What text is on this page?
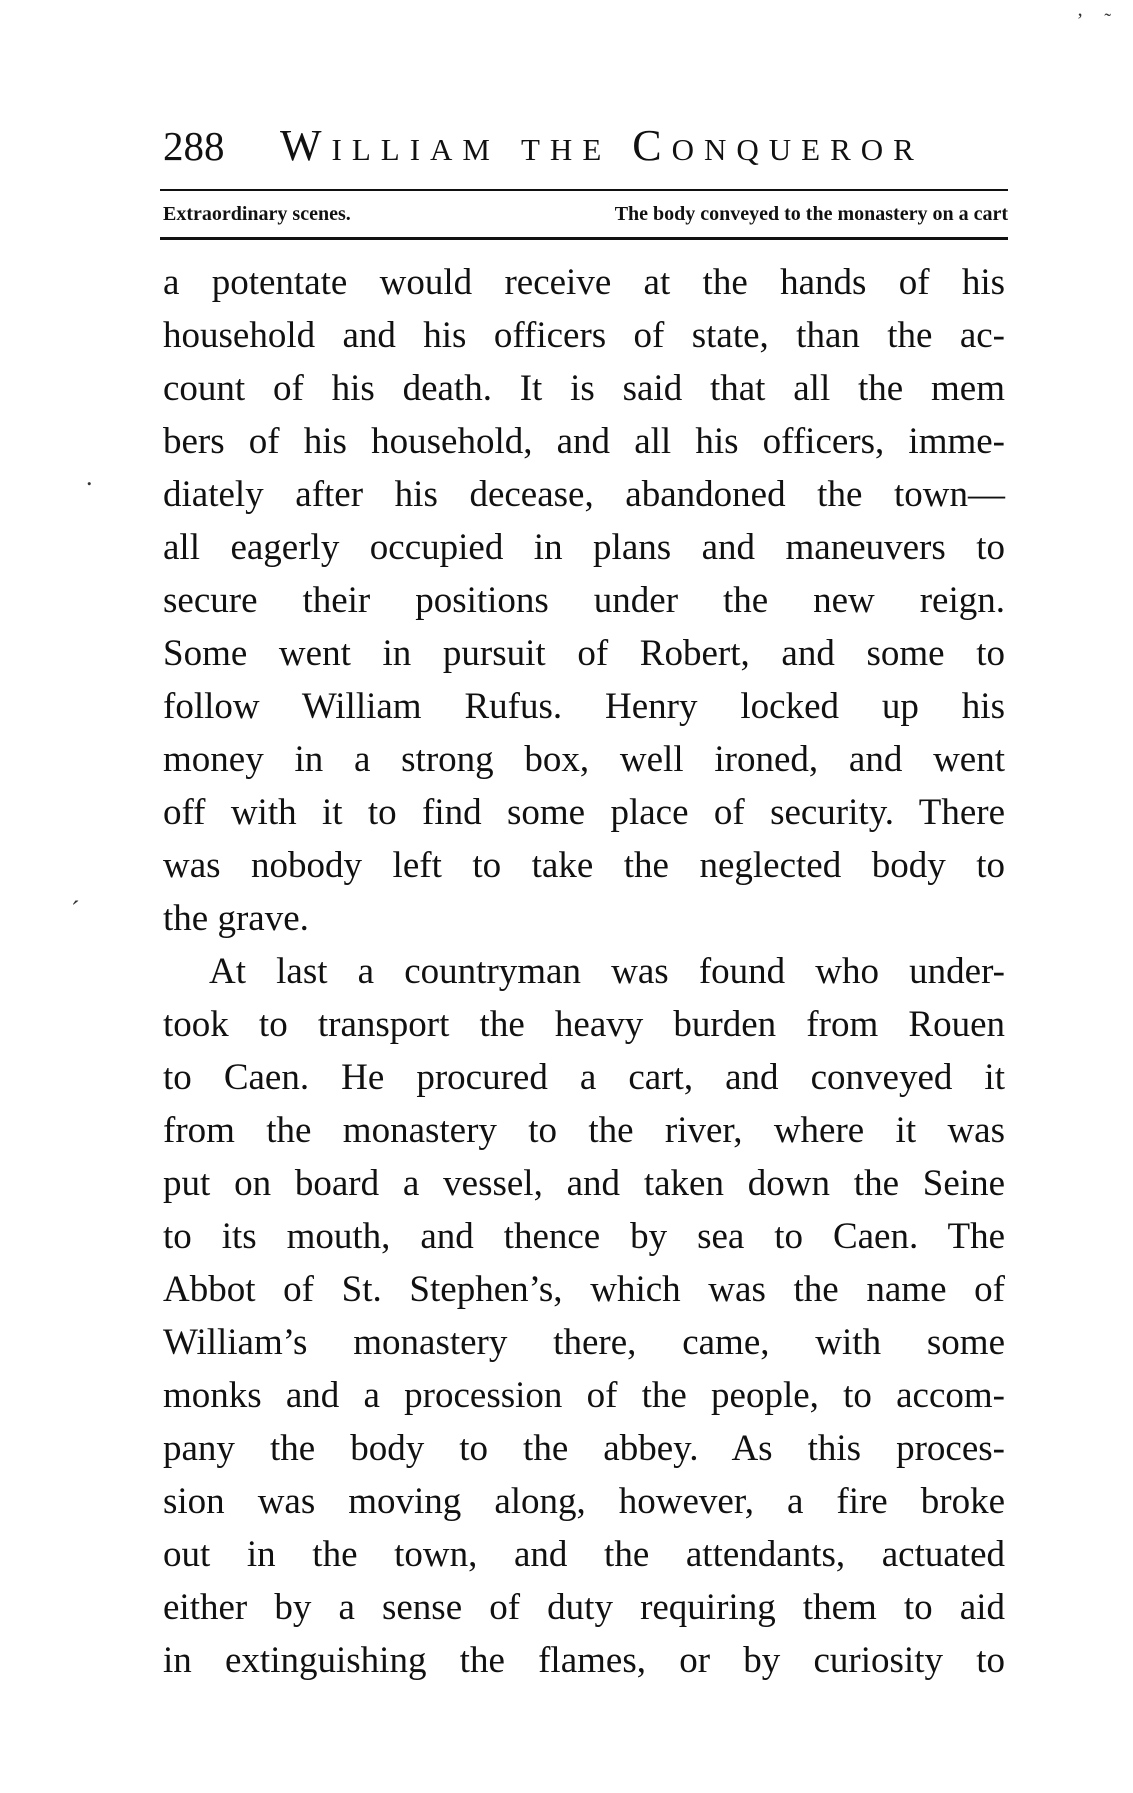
ʼ ˜
288 William the Conqueror
Extraordinary scenes.	The body conveyed to the monastery on a cart
.
ˊ
a potentate would receive at the hands of his
household and his officers of state, than the ac-
count of his death. It is said that all the mem
bers of his household, and all his officers, imme-
diately after his decease, abandoned the town—
all eagerly occupied in plans and maneuvers to
secure their positions under the new reign.
Some went in pursuit of Robert, and some to
follow William Rufus. Henry locked up his
money in a strong box, well ironed, and went
off with it to find some place of security. There
was nobody left to take the neglected body to
the grave.
At last a countryman was found who under-
took to transport the heavy burden from Rouen
to Caen. He procured a cart, and conveyed it
from the monastery to the river, where it was
put on board a vessel, and taken down the Seine
to its mouth, and thence by sea to Caen. The
Abbot of St. Stephen’s, which was the name of
William’s monastery there, came, with some
monks and a procession of the people, to accom-
pany the body to the abbey. As this proces-
sion was moving along, however, a fire broke
out in the town, and the attendants, actuated
either by a sense of duty requiring them to aid
in extinguishing the flames, or by curiosity to
